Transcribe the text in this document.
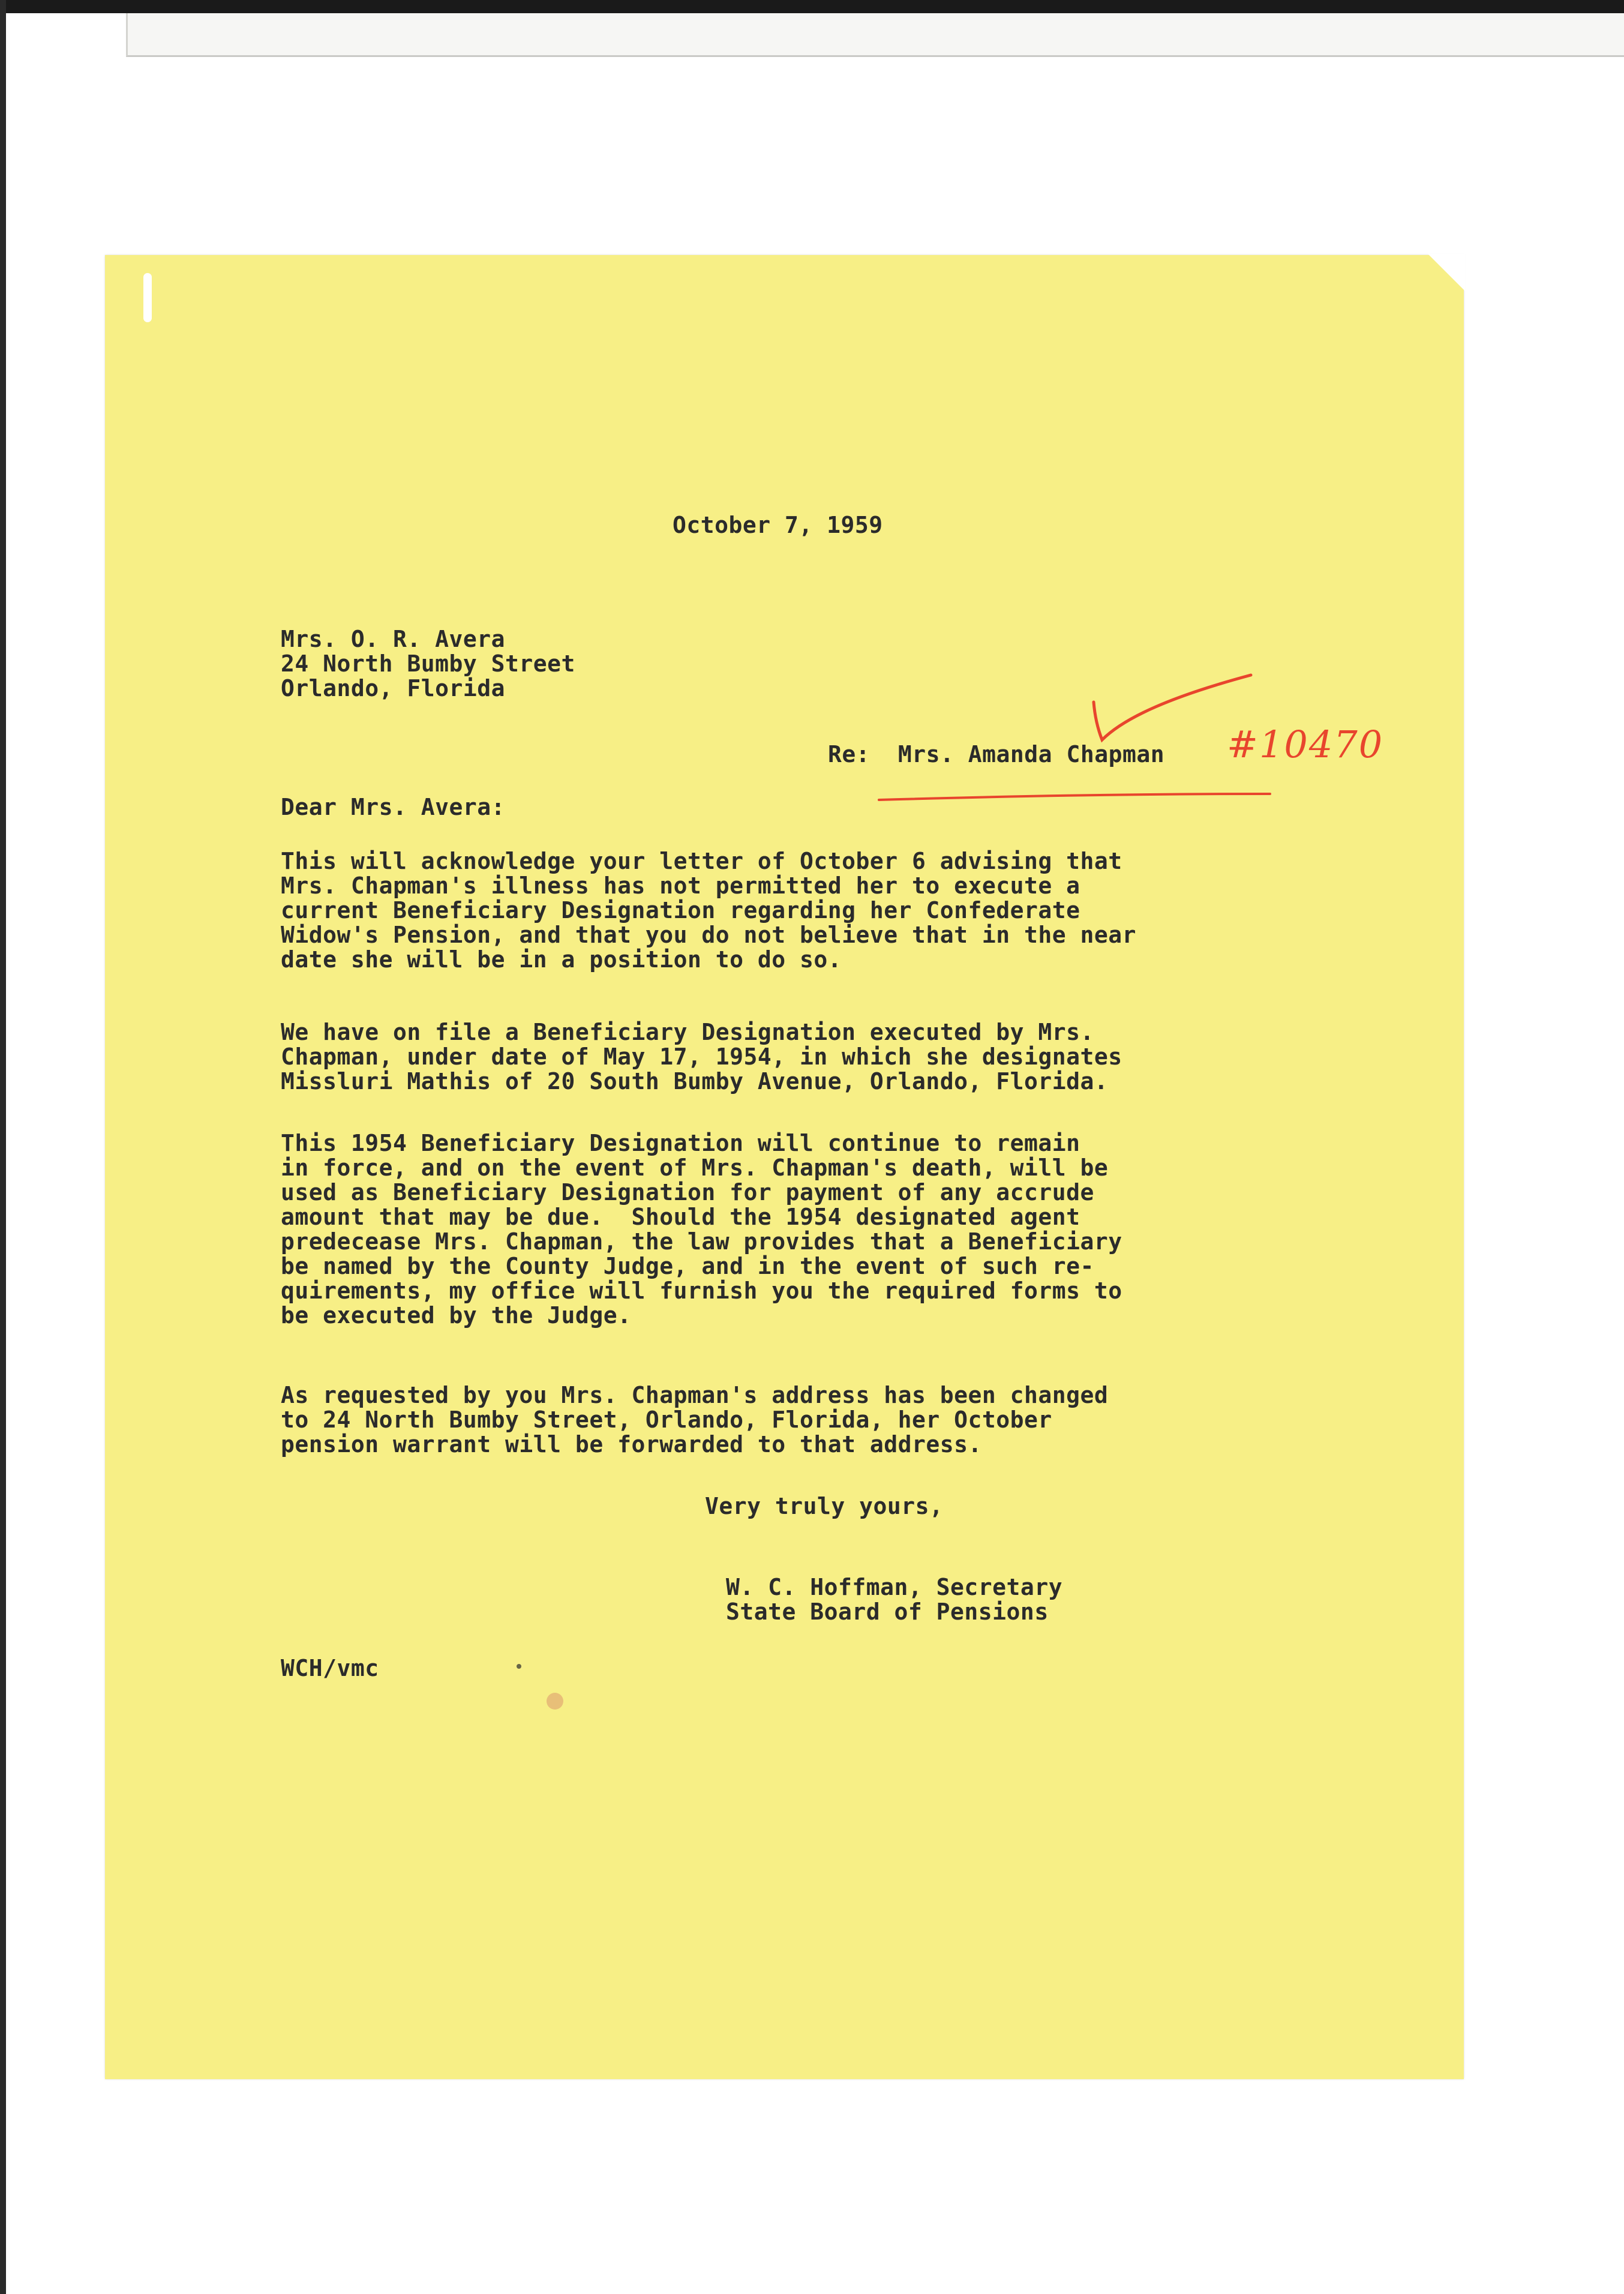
October 7, 1959
Mrs. O. R. Avera
24 North Bumby Street
Orlando, Florida
Re: Mrs. Amanda Chapman #10470
Dear Mrs. Avera:
This will acknowledge your letter of October 6 advising that
Mrs. Chapman's illness has not permitted her to execute a
current Beneficiary Designation regarding her Confederate
Widow's Pension, and that you do not believe that in the near
date she will be in a position to do so.
We have on file a Beneficiary Designation executed by Mrs.
Chapman, under date of May 17, 1954, in which she designates
Missluri Mathis of 20 South Bumby Avenue, Orlando, Florida.
This 1954 Beneficiary Designation will continue to remain
in force, and on the event of Mrs. Chapman's death, will be
used as Beneficiary Designation for payment of any accrude
amount that may be due.  Should the 1954 designated agent
predecease Mrs. Chapman, the law provides that a Beneficiary
be named by the County Judge, and in the event of such re-
quirements, my office will furnish you the required forms to
be executed by the Judge.
As requested by you Mrs. Chapman's address has been changed
to 24 North Bumby Street, Orlando, Florida, her October
pension warrant will be forwarded to that address.
Very truly yours,
W. C. Hoffman, Secretary
State Board of Pensions
WCH/vmc
